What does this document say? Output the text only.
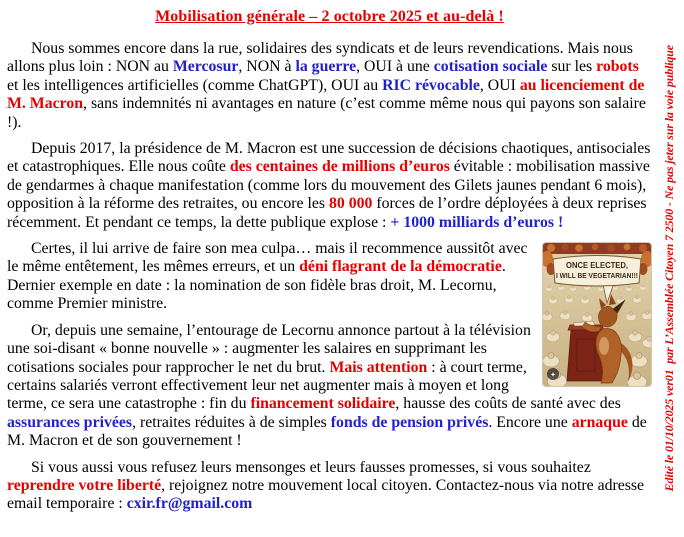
Mobilisation générale – 2 octobre 2025 et au-delà !

Nous sommes encore dans la rue, solidaires des syndicats et de leurs revendications. Mais nous allons plus loin : NON au Mercosur, NON à la guerre, OUI à une cotisation sociale sur les robots et les intelligences artificielles (comme ChatGPT), OUI au RIC révocable, OUI au licenciement de M. Macron, sans indemnités ni avantages en nature (c’est comme même nous qui payons son salaire !).

Depuis 2017, la présidence de M. Macron est une succession de décisions chaotiques, antisociales et catastrophiques. Elle nous coûte des centaines de millions d’euros évitable : mobilisation massive de gendarmes à chaque manifestation (comme lors du mouvement des Gilets jaunes pendant 6 mois), opposition à la réforme des retraites, ou encore les 80 000 forces de l’ordre déployées à deux reprises récemment. Et pendant ce temps, la dette publique explose : + 1000 milliards d’euros !

ONCE ELECTED,
I WILL BE VEGETARIAN!!!
✦

Certes, il lui arrive de faire son mea culpa… mais il recommence aussitôt avec le même entêtement, les mêmes erreurs, et un déni flagrant de la démocratie. Dernier exemple en date : la nomination de son fidèle bras droit, M. Lecornu, comme Premier ministre.

Or, depuis une semaine, l’entourage de Lecornu annonce partout à la télévision une soi-disant « bonne nouvelle » : augmenter les salaires en supprimant les cotisations sociales pour rapprocher le net du brut. Mais attention : à court terme, certains salariés verront effectivement leur net augmenter mais à moyen et long terme, ce sera une catastrophe : fin du financement solidaire, hausse des coûts de santé avec des assurances privées, retraites réduites à de simples fonds de pension privés. Encore une arnaque de M. Macron et de son gouvernement !

Si vous aussi vous refusez leurs mensonges et leurs fausses promesses, si vous souhaitez reprendre votre liberté, rejoignez notre mouvement local citoyen. Contactez-nous via notre adresse email temporaire : cxir.fr@gmail.com

Edité le 01/10/2025 ver01  par L’Assemblée Citoyen 7 2500 - Ne pas jeter sur la voie publique
